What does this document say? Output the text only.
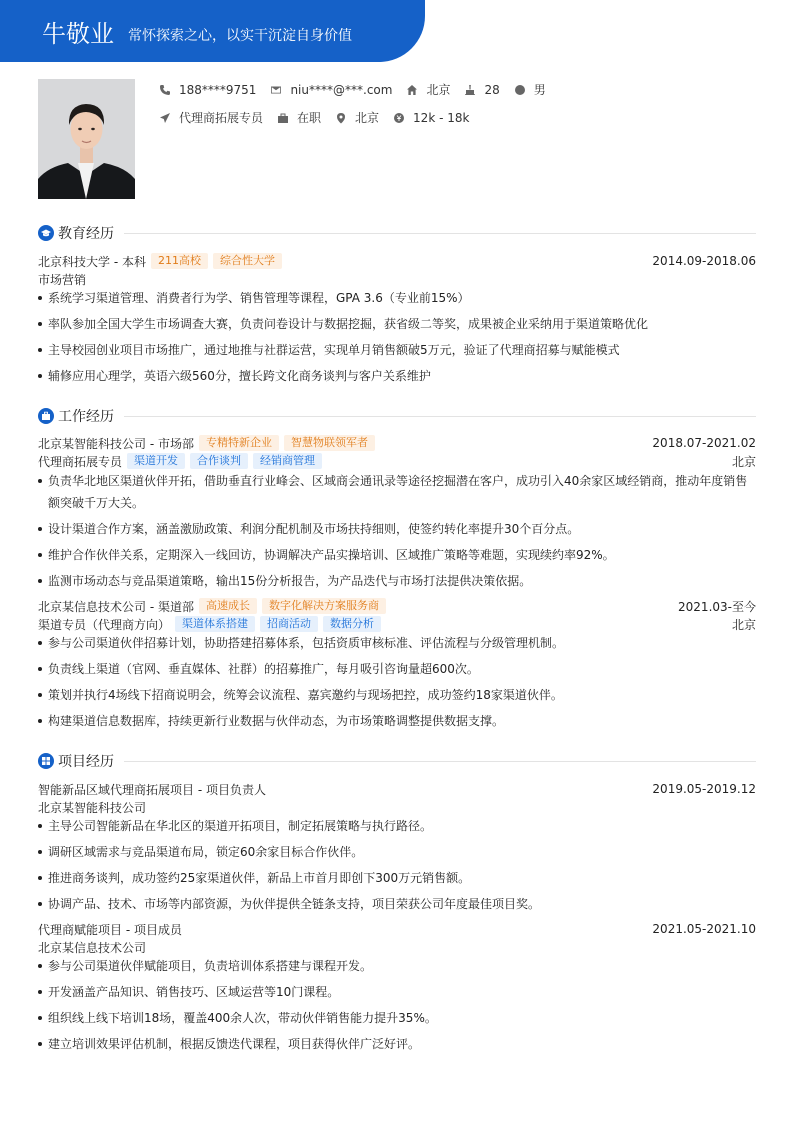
牛敬业 常怀探索之心，以实干沉淀自身价值
188****9751	niu****@***.com	北京	28	男
代理商拓展专员	在职	北京	12k - 18k
教育经历
北京科技大学 - 本科	211高校	综合性大学	2014.09-2018.06
市场营销
系统学习渠道管理、消费者行为学、销售管理等课程，GPA 3.6（专业前15%）
率队参加全国大学生市场调查大赛，负责问卷设计与数据挖掘，获省级二等奖，成果被企业采纳用于渠道策略优化
主导校园创业项目市场推广，通过地推与社群运营，实现单月销售额破5万元，验证了代理商招募与赋能模式
辅修应用心理学，英语六级560分，擅长跨文化商务谈判与客户关系维护
工作经历
北京某智能科技公司 - 市场部	专精特新企业	智慧物联领军者	2018.07-2021.02
代理商拓展专员	渠道开发	合作谈判	经销商管理	北京
负责华北地区渠道伙伴开拓，借助垂直行业峰会、区域商会通讯录等途径挖掘潜在客户，成功引入40余家区域经销商，推动年度销售
额突破千万大关。
设计渠道合作方案，涵盖激励政策、利润分配机制及市场扶持细则，使签约转化率提升30个百分点。
维护合作伙伴关系，定期深入一线回访，协调解决产品实操培训、区域推广策略等难题，实现续约率92%。
监测市场动态与竞品渠道策略，输出15份分析报告，为产品迭代与市场打法提供决策依据。
北京某信息技术公司 - 渠道部	高速成长	数字化解决方案服务商	2021.03-至今
渠道专员（代理商方向）	渠道体系搭建	招商活动	数据分析	北京
参与公司渠道伙伴招募计划，协助搭建招募体系，包括资质审核标准、评估流程与分级管理机制。
负责线上渠道（官网、垂直媒体、社群）的招募推广，每月吸引咨询量超600次。
策划并执行4场线下招商说明会，统筹会议流程、嘉宾邀约与现场把控，成功签约18家渠道伙伴。
构建渠道信息数据库，持续更新行业数据与伙伴动态，为市场策略调整提供数据支撑。
项目经历
智能新品区域代理商拓展项目 - 项目负责人	2019.05-2019.12
北京某智能科技公司
主导公司智能新品在华北区的渠道开拓项目，制定拓展策略与执行路径。
调研区域需求与竞品渠道布局，锁定60余家目标合作伙伴。
推进商务谈判，成功签约25家渠道伙伴，新品上市首月即创下300万元销售额。
协调产品、技术、市场等内部资源，为伙伴提供全链条支持，项目荣获公司年度最佳项目奖。
代理商赋能项目 - 项目成员	2021.05-2021.10
北京某信息技术公司
参与公司渠道伙伴赋能项目，负责培训体系搭建与课程开发。
开发涵盖产品知识、销售技巧、区域运营等10门课程。
组织线上线下培训18场，覆盖400余人次，带动伙伴销售能力提升35%。
建立培训效果评估机制，根据反馈迭代课程，项目获得伙伴广泛好评。
